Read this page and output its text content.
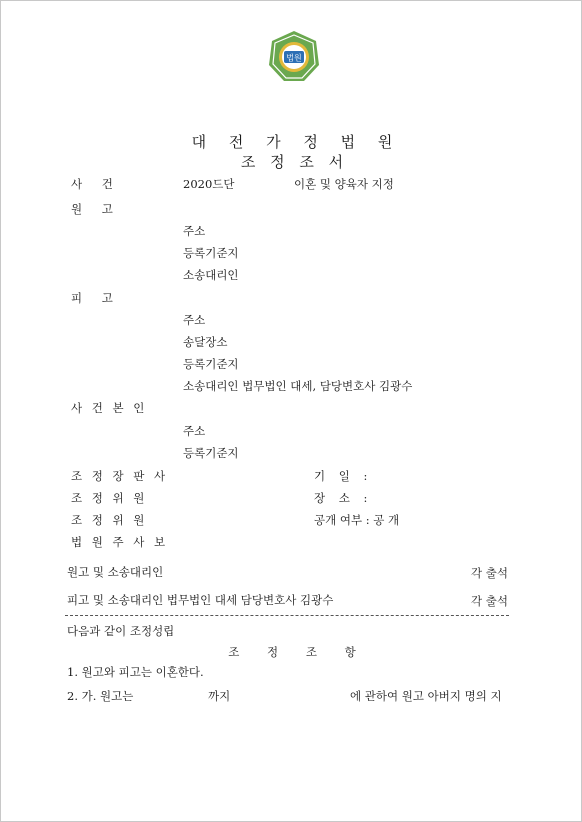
법원
대 전 가 정 법 원
조 정 조 서
사 건	2020드단	이혼 및 양육자 지정
원 고
주소
등록기준지
소송대리인
피 고
주소
송달장소
등록기준지
소송대리인 법무법인 대세, 담당변호사 김광수
사 건 본 인
주소
등록기준지
조 정 장 판 사	기 일 :
조 정 위 원	장 소 :
조 정 위 원	공개 여부 : 공 개
법 원 주 사 보
원고 및 소송대리인	각 출석
피고 및 소송대리인 법무법인 대세 담당변호사 김광수	각 출석
다음과 같이 조정성립
조 정 조 항
1. 원고와 피고는 이혼한다.
2. 가. 원고는	까지	에 관하여 원고 아버지 명의 지
